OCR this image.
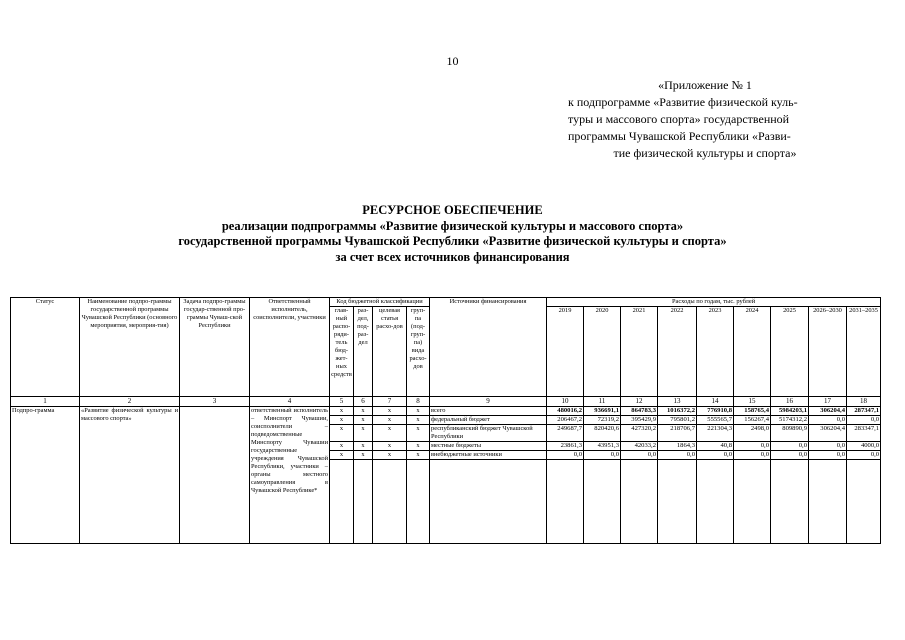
10
«Приложение № 1
к подпрограмме «Развитие физической куль-
туры и массового спорта» государственной
программы Чувашской Республики «Разви-
тие физической культуры и спорта»
РЕСУРСНОЕ ОБЕСПЕЧЕНИЕ
реализации подпрограммы «Развитие физической культуры и массового спорта»
государственной программы Чувашской Республики «Развитие физической культуры и спорта»
за счет всех источников финансирования
Статус	Наименование подпро-граммы государственной программы Чувашской Республики (основного мероприятия, мероприя-тия)	Задача подпро-граммы государ-ственной про-граммы Чуваш-ской Республики	Ответственный исполнитель, соисполнители, участники	Код бюджетной классификации				Источники финансирования	Расходы по годам, тыс. рублей								
				глав-ный распо-ряди-тель бюд-жет-ных средств	раз-дел, под-раз-дел	целевая статья расхо-дов	груп-па (под-груп-па) вида расхо-дов		2019	2020	2021	2022	2023	2024	2025	2026–2030	2031–2035
1	2	3	4	5	6	7	8	9	10	11	12	13	14	15	16	17	18
Подпро-грамма	«Развитие физической культуры и массового спорта»		ответственный исполнитель – Минспорт Чувашии, соисполнители – подведомственные Минспорту Чувашии государственные учреждения Чувашской Республики, участники – органы местного самоуправления в Чувашской Республике*	х	х	х	х	всего	480016,2	936691,1	864783,3	1016372,2	776910,8	158765,4	5984203,1	306204,4	287347,1
				х	х	х	х	федеральный бюджет	206467,2	72319,2	395429,9	795801,2	555565,7	156267,4	5174312,2	0,0	0,0
				х	х	х	х	республиканский бюджет Чувашской Республики	249687,7	820420,6	427320,2	218706,7	221304,3	2498,0	809890,9	306204,4	283347,1
				х	х	х	х	местные бюджеты	23861,3	43951,3	42033,2	1864,3	40,8	0,0	0,0	0,0	4000,0
				х	х	х	х	внебюджетные источники	0,0	0,0	0,0	0,0	0,0	0,0	0,0	0,0	0,0
